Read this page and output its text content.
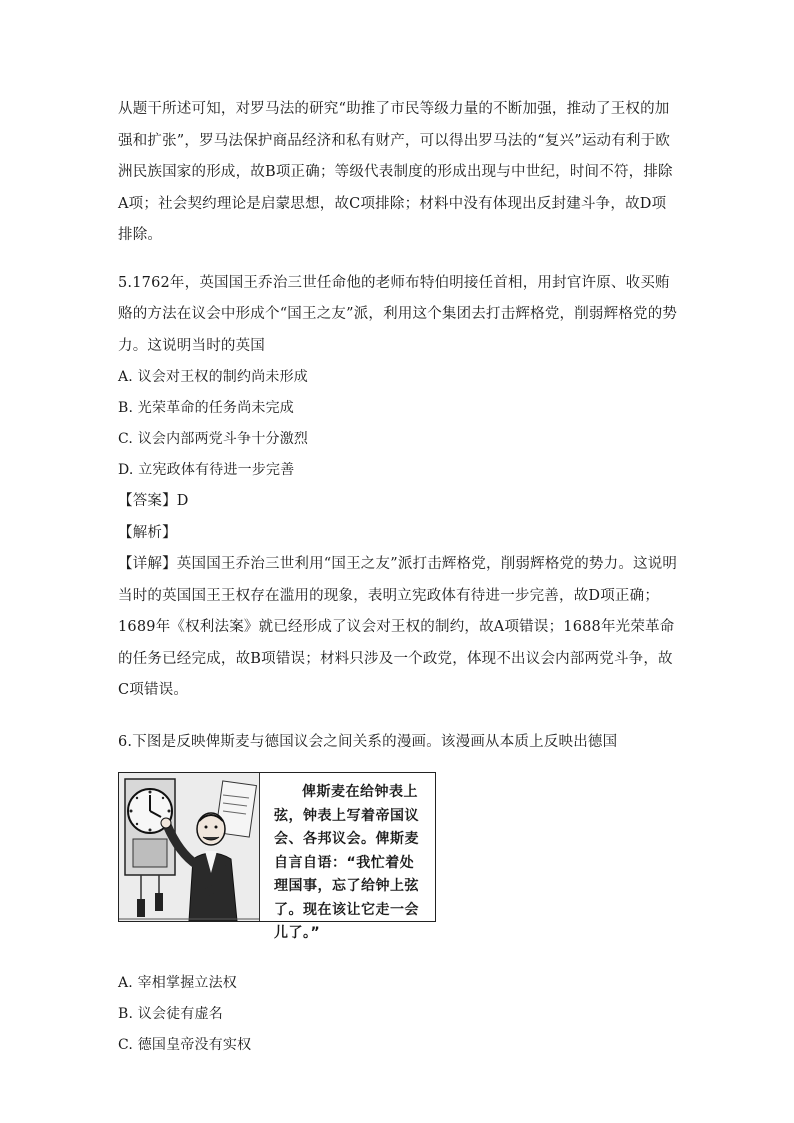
从题干所述可知，对罗马法的研究“助推了市民等级力量的不断加强，推动了王权的加强和扩张”，罗马法保护商品经济和私有财产，可以得出罗马法的“复兴”运动有利于欧洲民族国家的形成，故B项正确；等级代表制度的形成出现与中世纪，时间不符，排除A项；社会契约理论是启蒙思想，故C项排除；材料中没有体现出反封建斗争，故D项排除。

5.1762年，英国国王乔治三世任命他的老师布特伯明接任首相，用封官许原、收买贿赂的方法在议会中形成个“国王之友”派，利用这个集团去打击辉格党，削弱辉格党的势力。这说明当时的英国

A. 议会对王权的制约尚未形成

B. 光荣革命的任务尚未完成

C. 议会内部两党斗争十分激烈

D. 立宪政体有待进一步完善

【答案】D

【解析】

【详解】英国国王乔治三世利用“国王之友”派打击辉格党，削弱辉格党的势力。这说明当时的英国国王王权存在滥用的现象，表明立宪政体有待进一步完善，故D项正确；1689年《权利法案》就已经形成了议会对王权的制约，故A项错误；1688年光荣革命的任务已经完成，故B项错误；材料只涉及一个政党，体现不出议会内部两党斗争，故C项错误。

6.下图是反映俾斯麦与德国议会之间关系的漫画。该漫画从本质上反映出德国

俾斯麦在给钟表上弦，钟表上写着帝国议会、各邦议会。俾斯麦自言自语：“我忙着处理国事，忘了给钟上弦了。现在该让它走一会儿了。”

A. 宰相掌握立法权

B. 议会徒有虚名

C. 德国皇帝没有实权
